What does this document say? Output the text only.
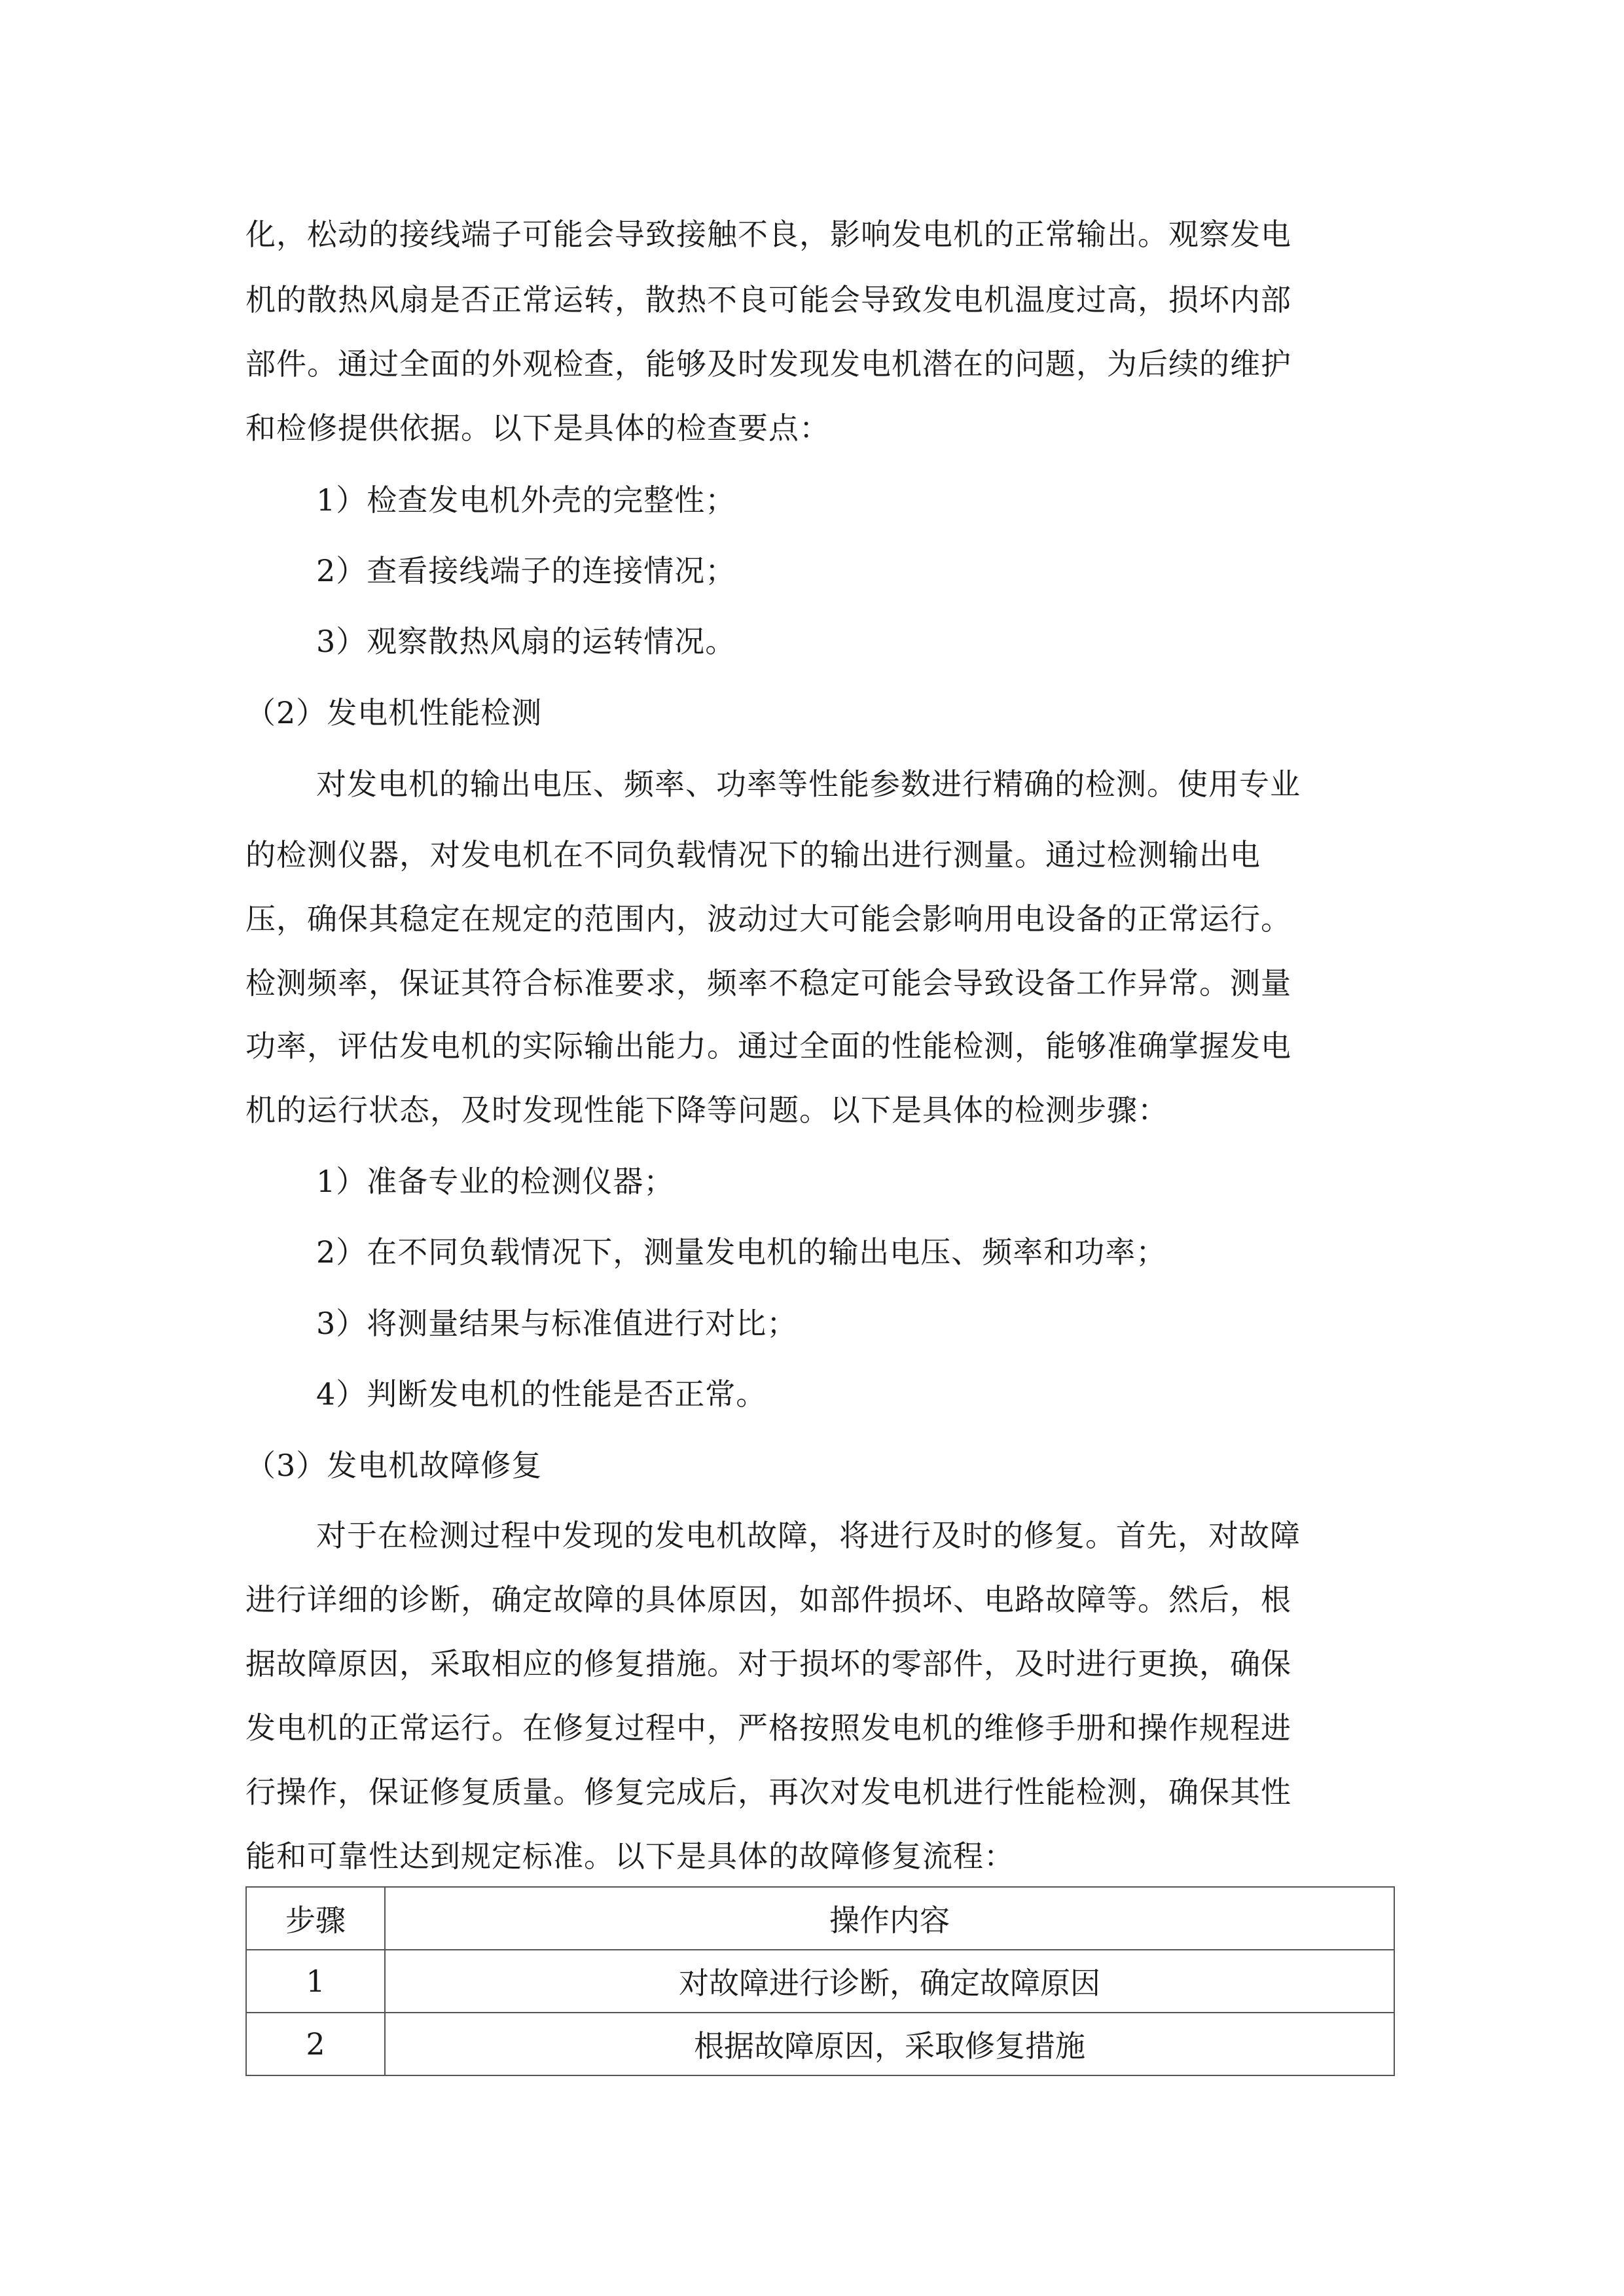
化，松动的接线端子可能会导致接触不良，影响发电机的正常输出。观察发电
机的散热风扇是否正常运转，散热不良可能会导致发电机温度过高，损坏内部
部件。通过全面的外观检查，能够及时发现发电机潜在的问题，为后续的维护
和检修提供依据。以下是具体的检查要点：
1）检查发电机外壳的完整性；
2）查看接线端子的连接情况；
3）观察散热风扇的运转情况。
（2）发电机性能检测
对发电机的输出电压、频率、功率等性能参数进行精确的检测。使用专业
的检测仪器，对发电机在不同负载情况下的输出进行测量。通过检测输出电
压，确保其稳定在规定的范围内，波动过大可能会影响用电设备的正常运行。
检测频率，保证其符合标准要求，频率不稳定可能会导致设备工作异常。测量
功率，评估发电机的实际输出能力。通过全面的性能检测，能够准确掌握发电
机的运行状态，及时发现性能下降等问题。以下是具体的检测步骤：
1）准备专业的检测仪器；
2）在不同负载情况下，测量发电机的输出电压、频率和功率；
3）将测量结果与标准值进行对比；
4）判断发电机的性能是否正常。
（3）发电机故障修复
对于在检测过程中发现的发电机故障，将进行及时的修复。首先，对故障
进行详细的诊断，确定故障的具体原因，如部件损坏、电路故障等。然后，根
据故障原因，采取相应的修复措施。对于损坏的零部件，及时进行更换，确保
发电机的正常运行。在修复过程中，严格按照发电机的维修手册和操作规程进
行操作，保证修复质量。修复完成后，再次对发电机进行性能检测，确保其性
能和可靠性达到规定标准。以下是具体的故障修复流程：
步骤	操作内容
1	对故障进行诊断，确定故障原因
2	根据故障原因，采取修复措施
